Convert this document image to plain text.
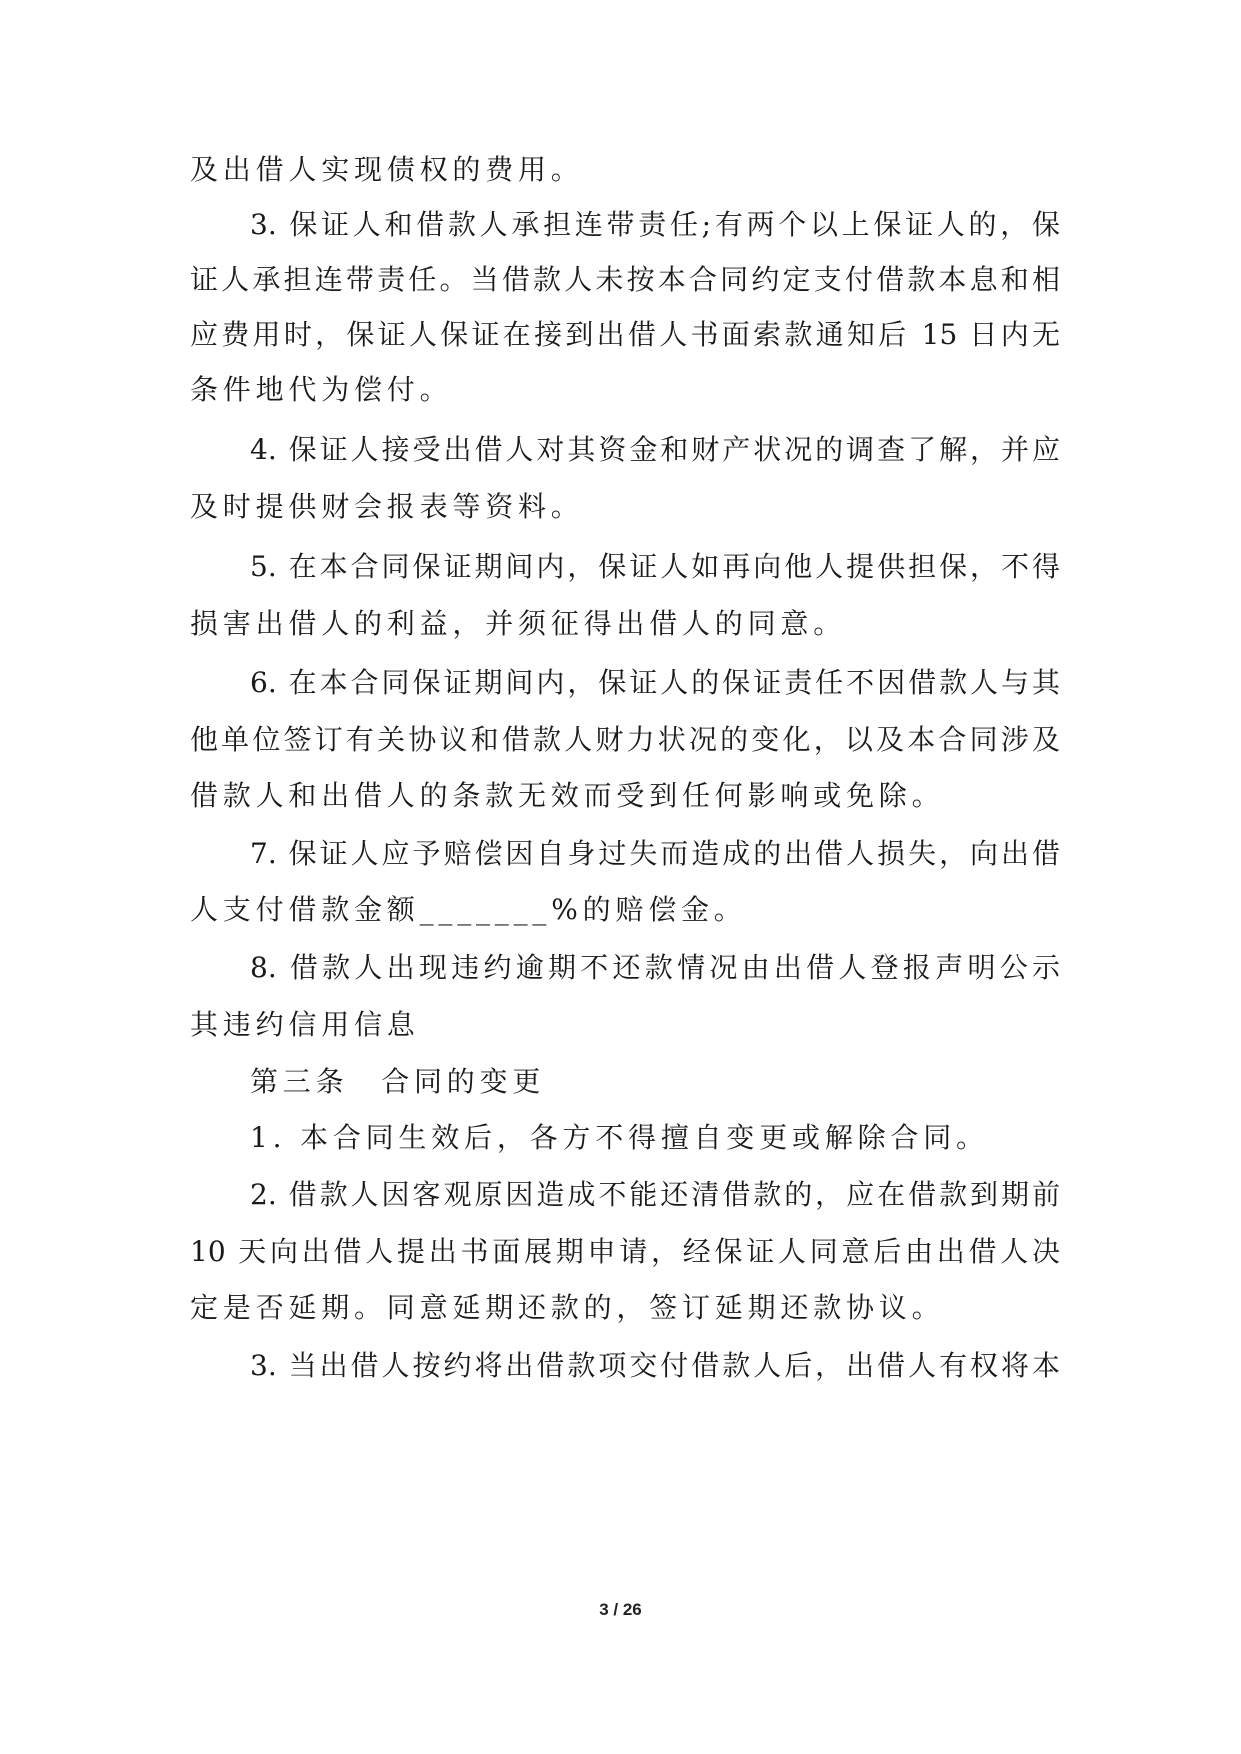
及出借人实现债权的费用。
3. 保证人和借款人承担连带责任;有两个以上保证人的，保
证人承担连带责任。当借款人未按本合同约定支付借款本息和相
应费用时，保证人保证在接到出借人书面索款通知后 15 日内无
条件地代为偿付。
4. 保证人接受出借人对其资金和财产状况的调查了解，并应
及时提供财会报表等资料。
5. 在本合同保证期间内，保证人如再向他人提供担保，不得
损害出借人的利益，并须征得出借人的同意。
6. 在本合同保证期间内，保证人的保证责任不因借款人与其
他单位签订有关协议和借款人财力状况的变化，以及本合同涉及
借款人和出借人的条款无效而受到任何影响或免除。
7. 保证人应予赔偿因自身过失而造成的出借人损失，向出借
人支付借款金额_______%的赔偿金。
8. 借款人出现违约逾期不还款情况由出借人登报声明公示
其违约信用信息
第三条　合同的变更
1. 本合同生效后，各方不得擅自变更或解除合同。
2. 借款人因客观原因造成不能还清借款的，应在借款到期前
10 天向出借人提出书面展期申请，经保证人同意后由出借人决
定是否延期。同意延期还款的，签订延期还款协议。
3. 当出借人按约将出借款项交付借款人后，出借人有权将本
3 / 26
